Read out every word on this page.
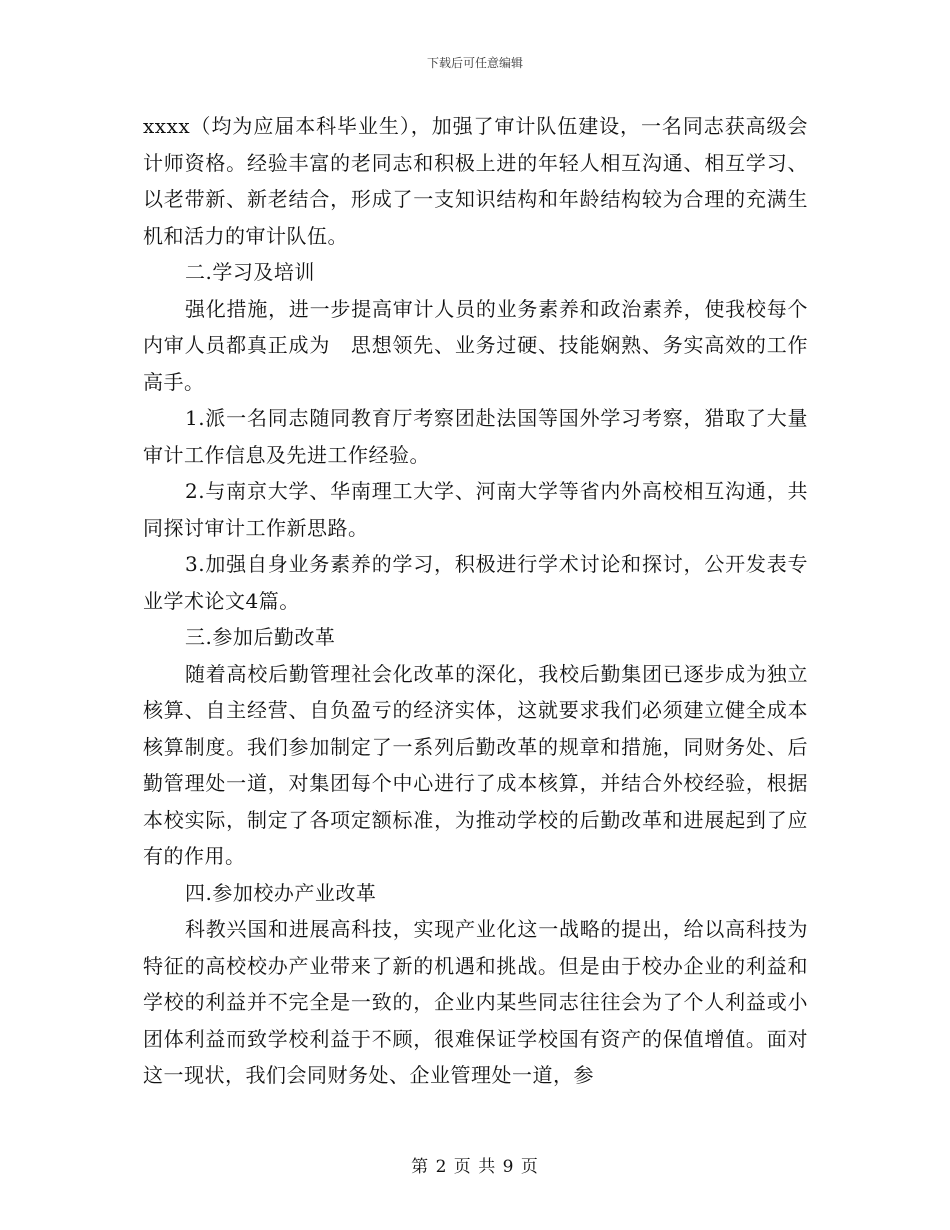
下载后可任意编辑

xxxx（均为应届本科毕业生），加强了审计队伍建设，一名同志获高级会计师资格。经验丰富的老同志和积极上进的年轻人相互沟通、相互学习、以老带新、新老结合，形成了一支知识结构和年龄结构较为合理的充满生机和活力的审计队伍。

二.学习及培训

强化措施，进一步提高审计人员的业务素养和政治素养，使我校每个内审人员都真正成为　思想领先、业务过硬、技能娴熟、务实高效的工作高手。

1.派一名同志随同教育厅考察团赴法国等国外学习考察，猎取了大量审计工作信息及先进工作经验。

2.与南京大学、华南理工大学、河南大学等省内外高校相互沟通，共同探讨审计工作新思路。

3.加强自身业务素养的学习，积极进行学术讨论和探讨，公开发表专业学术论文4篇。

三.参加后勤改革

随着高校后勤管理社会化改革的深化，我校后勤集团已逐步成为独立核算、自主经营、自负盈亏的经济实体，这就要求我们必须建立健全成本核算制度。我们参加制定了一系列后勤改革的规章和措施，同财务处、后勤管理处一道，对集团每个中心进行了成本核算，并结合外校经验，根据本校实际，制定了各项定额标准，为推动学校的后勤改革和进展起到了应有的作用。

四.参加校办产业改革

科教兴国和进展高科技，实现产业化这一战略的提出，给以高科技为特征的高校校办产业带来了新的机遇和挑战。但是由于校办企业的利益和学校的利益并不完全是一致的，企业内某些同志往往会为了个人利益或小团体利益而致学校利益于不顾，很难保证学校国有资产的保值增值。面对这一现状，我们会同财务处、企业管理处一道，参

第 2 页 共 9 页
